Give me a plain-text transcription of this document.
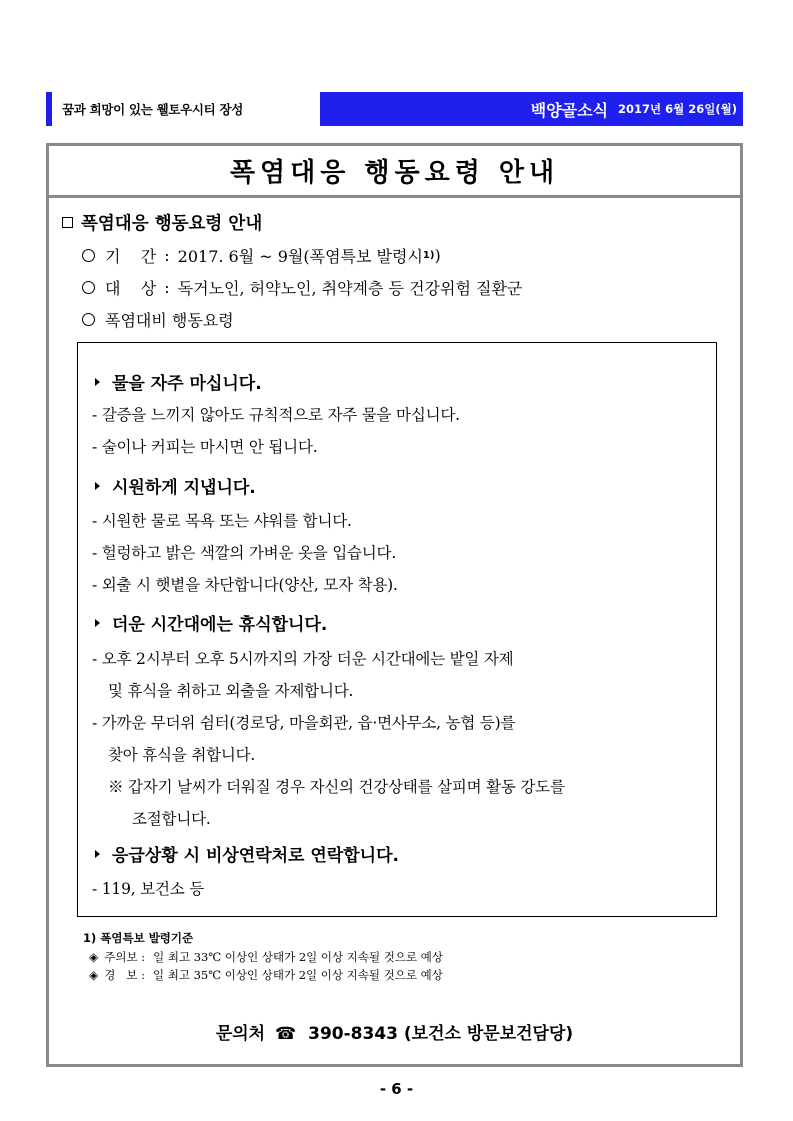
꿈과 희망이 있는 웰토우시티 장성	백양골소식 2017년 6월 26일(월)
폭염대응 행동요령 안내
폭염대응 행동요령 안내
기    간 : 2017. 6월 ~ 9월(폭염특보 발령시 1) )
대    상 : 독거노인, 허약노인, 취약계층 등 건강위험 질환군
폭염대비 행동요령
물을 자주 마십니다.
- 갈증을 느끼지 않아도 규칙적으로 자주 물을 마십니다.
- 술이나 커피는 마시면 안 됩니다.
시원하게 지냅니다.
- 시원한 물로 목욕 또는 샤워를 합니다.
- 헐렁하고 밝은 색깔의 가벼운 옷을 입습니다.
- 외출 시 햇볕을 차단합니다(양산, 모자 착용).
더운 시간대에는 휴식합니다.
- 오후 2시부터 오후 5시까지의 가장 더운 시간대에는 밭일 자제
및 휴식을 취하고 외출을 자제합니다.
- 가까운 무더위 쉼터(경로당, 마을회관, 읍·면사무소, 농협 등)를
찾아 휴식을 취합니다.
※ 갑자기 날씨가 더워질 경우 자신의 건강상태를 살피며 활동 강도를
조절합니다.
응급상황 시 비상연락처로 연락합니다.
- 119, 보건소 등
1) 폭염특보 발령기준
◈ 주의보 : 일 최고 33℃ 이상인 상태가 2일 이상 지속될 것으로 예상
◈ 경   보 : 일 최고 35℃ 이상인 상태가 2일 이상 지속될 것으로 예상
문의처 ☎ 390-8343 (보건소 방문보건담당)
- 6 -
